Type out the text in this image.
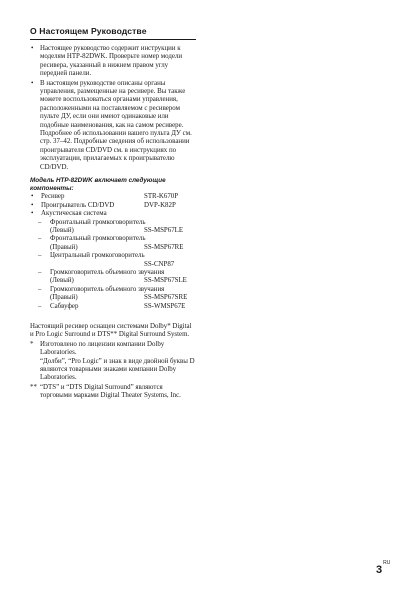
О Настоящем Руководстве
• Настоящее руководство содержит инструкции к моделям HTP-82DWK. Проверьте номер модели ресивера, указанный в нижнем правом углу передней панели.
• В настоящем руководстве описаны органы управления, размещенные на ресивере. Вы также можете воспользоваться органами управления, расположенными на поставляемом с ресивером пульте ДУ, если они имеют одинаковые или подобные наименования, как на самом ресивере. Подробнее об использовании вашего пульта ДУ см. стр. 37–42. Подробные сведения об использовании проигрывателя CD/DVD см. в инструкциях по эксплуатации, прилагаемых к проигрывателю CD/DVD.
Модель HTP-82DWK включает следующие компоненты:
•	Ресивер	STR-K670P
•	Проигрыватель CD/DVD	DVP-K82P
•	Акустическая система
– Фронтальный громкоговоритель
(Левый)	SS-MSP67LE
– Фронтальный громкоговоритель
(Правый)	SS-MSP67RE
– Центральный громкоговоритель
SS-CNP87
– Громкоговоритель объемного звучания
(Левый)	SS-MSP67SLE
– Громкоговоритель объемного звучания
(Правый)	SS-MSP67SRE
– Сабвуфер	SS-WMSP67E
Настоящий ресивер оснащен системами Dolby* Digital и Pro Logic Surround и DTS** Digital Surround System.
* Изготовлено по лицензии компании Dolby Laboratories.
“Долби”, “Pro Logic” и знак в виде двойной буквы D являются товарными знаками компании Dolby Laboratories.
** “DTS” и “DTS Digital Surround” являются торговыми марками Digital Theater Systems, Inc.
$3^{RU}$
